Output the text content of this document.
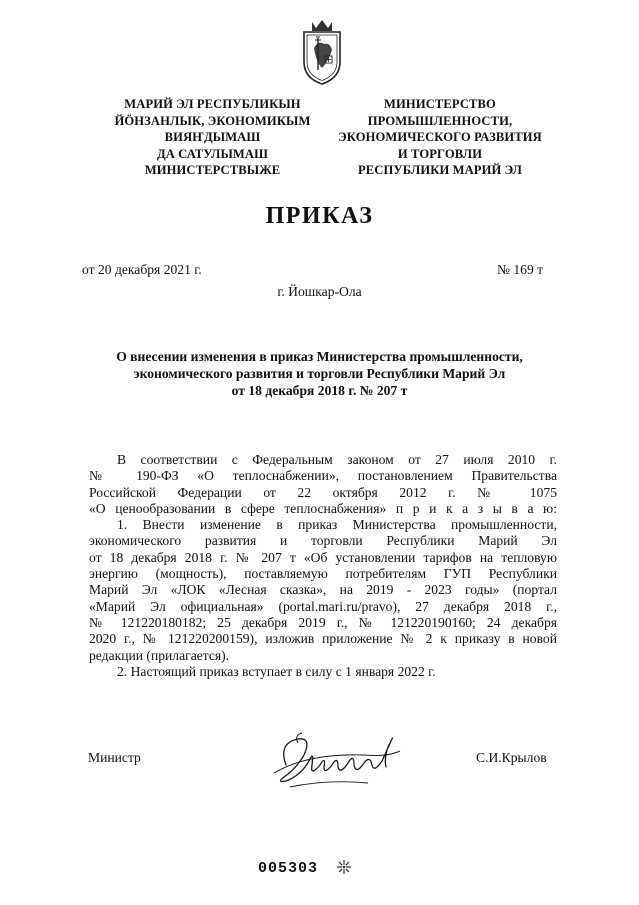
МАРИЙ ЭЛ РЕСПУБЛИКЫН
ЙӦНЗАНЛЫК, ЭКОНОМИКЫМ
ВИЯҤДЫМАШ
ДА САТУЛЫМАШ
МИНИСТЕРСТВЫЖЕ
МИНИСТЕРСТВО
ПРОМЫШЛЕННОСТИ,
ЭКОНОМИЧЕСКОГО РАЗВИТИЯ
И ТОРГОВЛИ
РЕСПУБЛИКИ МАРИЙ ЭЛ
ПРИКАЗ
от 20 декабря 2021 г.	№ 169 т
г. Йошкар-Ола
О внесении изменения в приказ Министерства промышленности,
экономического развития и торговли Республики Марий Эл
от 18 декабря 2018 г. № 207 т
В соответствии с Федеральным законом от 27 июля 2010 г.
№ 190-ФЗ «О теплоснабжении», постановлением Правительства
Российской Федерации от 22 октября 2012 г. № 1075
«О ценообразовании в сфере теплоснабжения» п р и к а з ы в а ю:
1. Внести изменение в приказ Министерства промышленности,
экономического развития и торговли Республики Марий Эл
от 18 декабря 2018 г. № 207 т «Об установлении тарифов на тепловую
энергию (мощность), поставляемую потребителям ГУП Республики
Марий Эл «ЛОК «Лесная сказка», на 2019 - 2023 годы» (портал
«Марий Эл официальная» (portal.mari.ru/pravo), 27 декабря 2018 г.,
№ 121220180182; 25 декабря 2019 г., № 121220190160; 24 декабря
2020 г., № 121220200159), изложив приложение № 2 к приказу в новой
редакции (прилагается).
2. Настоящий приказ вступает в силу с 1 января 2022 г.
Министр	С.И.Крылов
005303
